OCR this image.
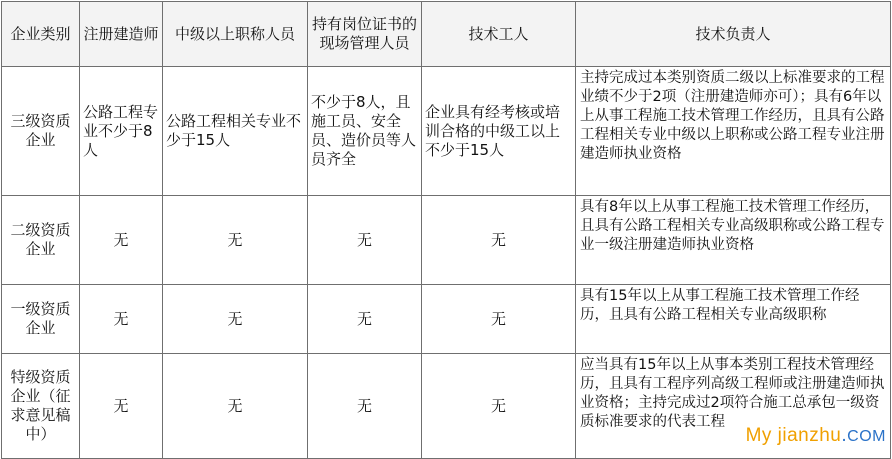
企业类别	注册建造师	中级以上职称人员	持有岗位证书的现场管理人员	技术工人	技术负责人
三级资质企业	公路工程专业不少于8人	公路工程相关专业不少于15人	不少于8人，且施工员、安全员、造价员等人员齐全	企业具有经考核或培训合格的中级工以上不少于15人	主持完成过本类别资质二级以上标准要求的工程业绩不少于2项（注册建造师亦可）；具有6年以上从事工程施工技术管理工作经历，且具有公路工程相关专业中级以上职称或公路工程专业注册建造师执业资格
二级资质企业	无	无	无	无	具有8年以上从事工程施工技术管理工作经历，且具有公路工程相关专业高级职称或公路工程专业一级注册建造师执业资格
一级资质企业	无	无	无	无	具有15年以上从事工程施工技术管理工作经历，且具有公路工程相关专业高级职称
特级资质企业（征求意见稿中）	无	无	无	无	应当具有15年以上从事本类别工程技术管理经历，且具有工程序列高级工程师或注册建造师执业资格；主持完成过2项符合施工总承包一级资质标准要求的代表工程
My jianzhu.COM
